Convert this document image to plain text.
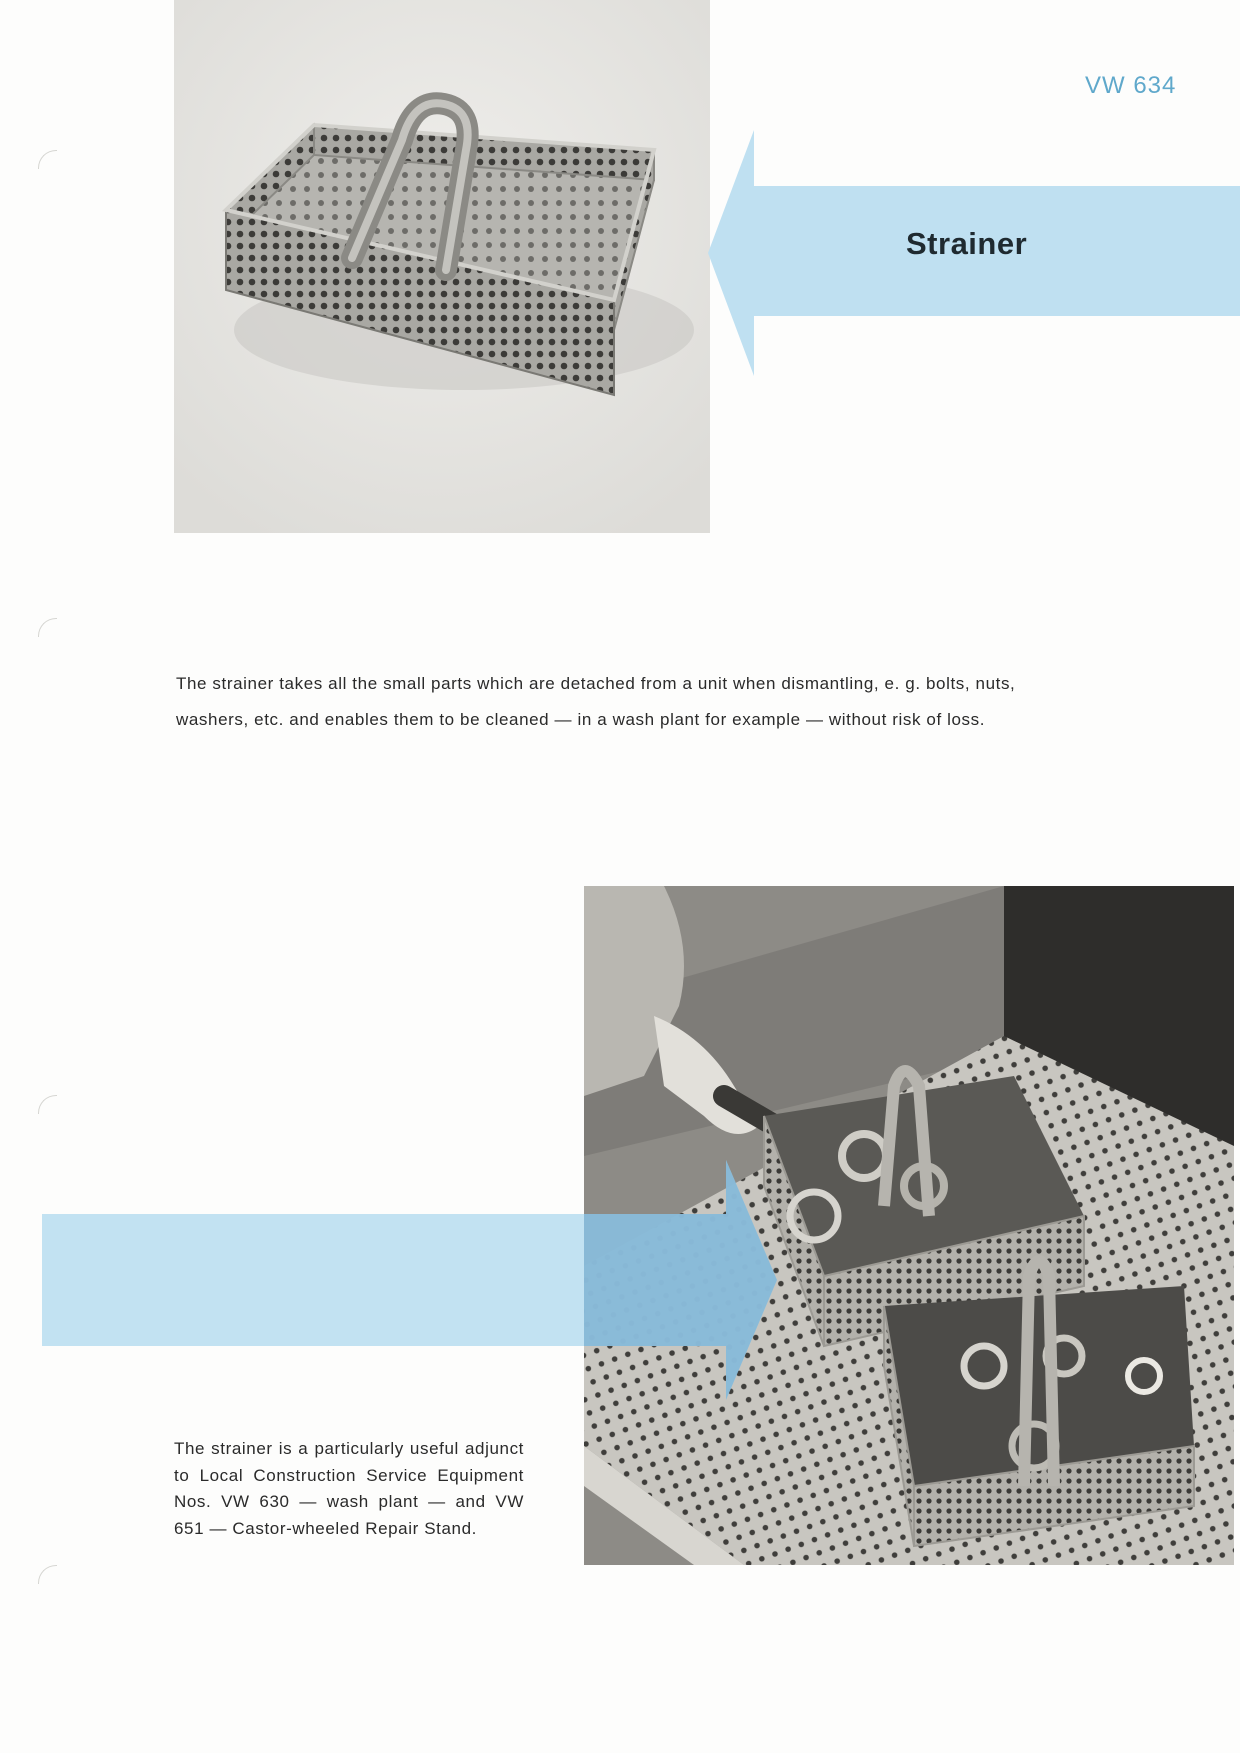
VW 634
Strainer
The strainer takes all the small parts which are detached from a unit when dismantling, e. g. bolts, nuts, washers, etc. and enables them to be cleaned — in a wash plant for example — without risk of loss.
The strainer is a particularly useful adjunct to Local Construction Service Equipment Nos. VW 630 — wash plant — and VW 651 — Castor-wheeled Repair Stand.
